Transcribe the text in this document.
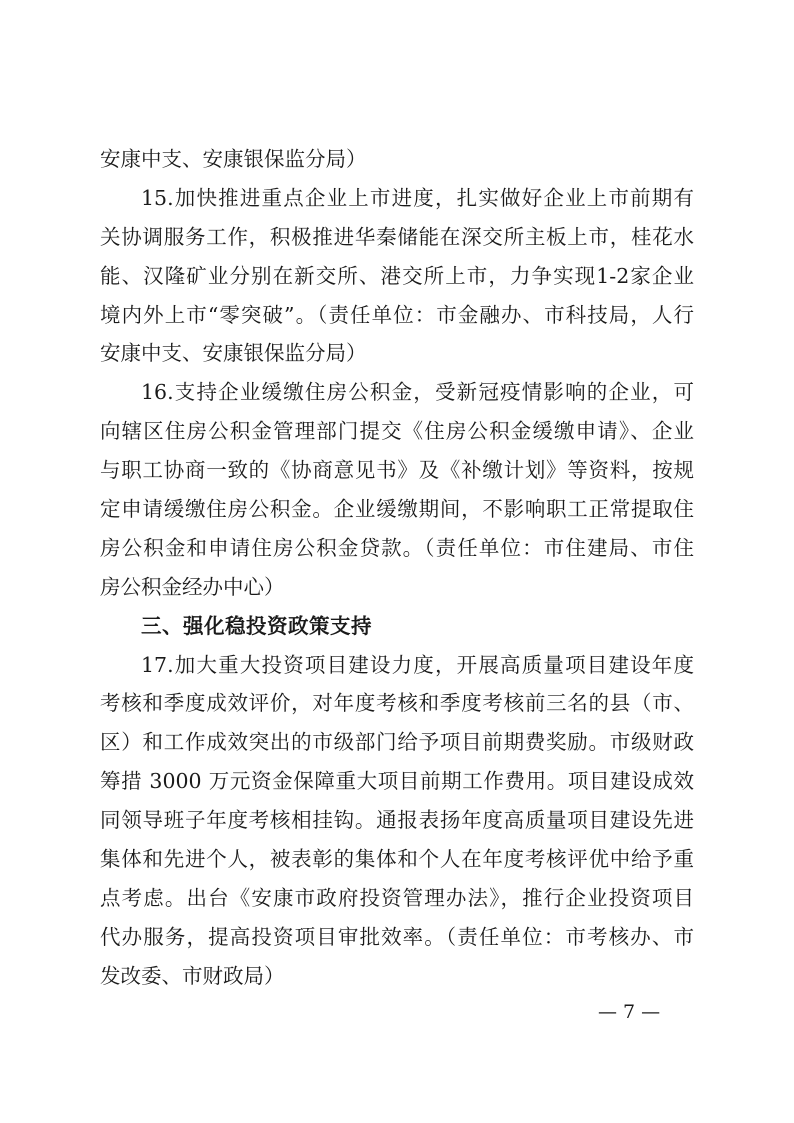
安康中支、安康银保监分局）
15.加快推进重点企业上市进度，扎实做好企业上市前期有
关协调服务工作，积极推进华秦储能在深交所主板上市，桂花水
能、汉隆矿业分别在新交所、港交所上市，力争实现1-2家企业
境内外上市“零突破”。（责任单位：市金融办、市科技局，人行
安康中支、安康银保监分局）
16.支持企业缓缴住房公积金，受新冠疫情影响的企业，可
向辖区住房公积金管理部门提交《住房公积金缓缴申请》、企业
与职工协商一致的《协商意见书》及《补缴计划》等资料，按规
定申请缓缴住房公积金。企业缓缴期间，不影响职工正常提取住
房公积金和申请住房公积金贷款。（责任单位：市住建局、市住
房公积金经办中心）
三、强化稳投资政策支持
17.加大重大投资项目建设力度，开展高质量项目建设年度
考核和季度成效评价，对年度考核和季度考核前三名的县（市、
区）和工作成效突出的市级部门给予项目前期费奖励。市级财政
筹措 3000 万元资金保障重大项目前期工作费用。项目建设成效
同领导班子年度考核相挂钩。通报表扬年度高质量项目建设先进
集体和先进个人，被表彰的集体和个人在年度考核评优中给予重
点考虑。出台《安康市政府投资管理办法》，推行企业投资项目
代办服务，提高投资项目审批效率。（责任单位：市考核办、市
发改委、市财政局）
— 7 —
